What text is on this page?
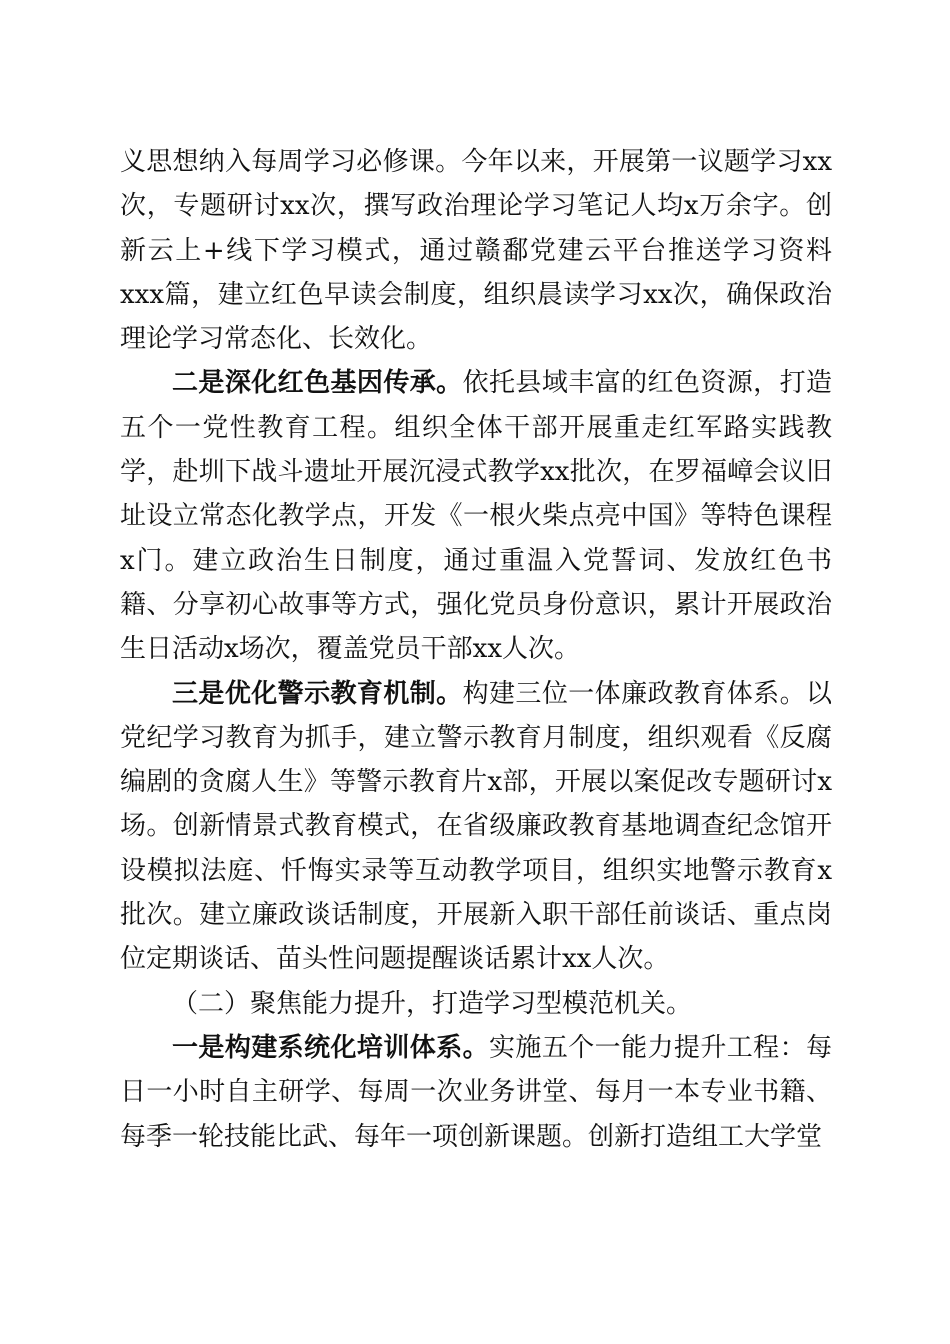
义思想纳入每周学习必修课。今年以来，开展第一议题学习xx次，专题研讨xx次，撰写政治理论学习笔记人均x万余字。创新云上+线下学习模式，通过赣鄱党建云平台推送学习资料xxx篇，建立红色早读会制度，组织晨读学习xx次，确保政治理论学习常态化、长效化。

二是深化红色基因传承。依托县域丰富的红色资源，打造五个一党性教育工程。组织全体干部开展重走红军路实践教学，赴圳下战斗遗址开展沉浸式教学xx批次，在罗福嶂会议旧址设立常态化教学点，开发《一根火柴点亮中国》等特色课程x门。建立政治生日制度，通过重温入党誓词、发放红色书籍、分享初心故事等方式，强化党员身份意识，累计开展政治生日活动x场次，覆盖党员干部xx人次。

三是优化警示教育机制。构建三位一体廉政教育体系。以党纪学习教育为抓手，建立警示教育月制度，组织观看《反腐编剧的贪腐人生》等警示教育片x部，开展以案促改专题研讨x场。创新情景式教育模式，在省级廉政教育基地调查纪念馆开设模拟法庭、忏悔实录等互动教学项目，组织实地警示教育x批次。建立廉政谈话制度，开展新入职干部任前谈话、重点岗位定期谈话、苗头性问题提醒谈话累计xx人次。

（二）聚焦能力提升，打造学习型模范机关。

一是构建系统化培训体系。实施五个一能力提升工程：每日一小时自主研学、每周一次业务讲堂、每月一本专业书籍、每季一轮技能比武、每年一项创新课题。创新打造组工大学堂
